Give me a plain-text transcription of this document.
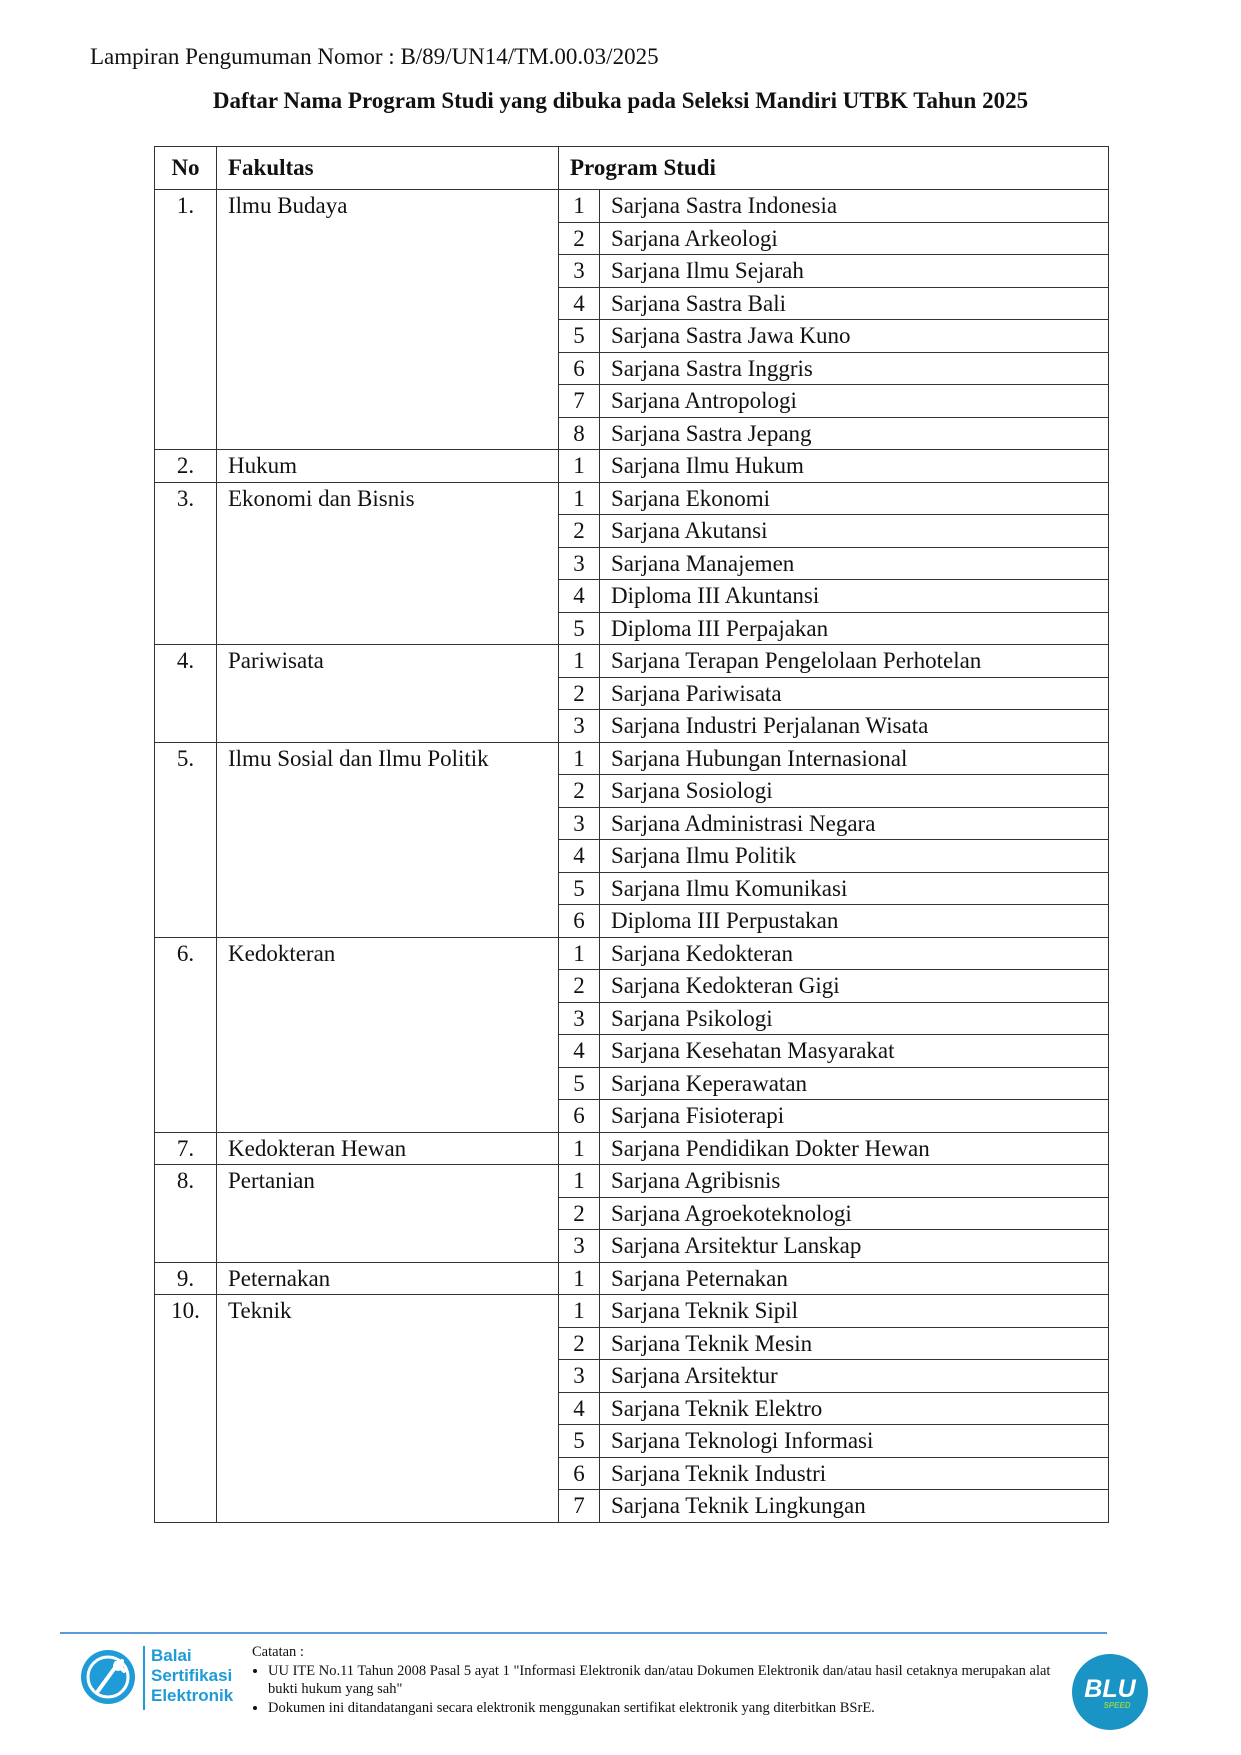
Lampiran Pengumuman Nomor : B/89/UN14/TM.00.03/2025
Daftar Nama Program Studi yang dibuka pada Seleksi Mandiri UTBK Tahun 2025
No	Fakultas	Program Studi	
1.	Ilmu Budaya	1	Sarjana Sastra Indonesia
		2	Sarjana Arkeologi
		3	Sarjana Ilmu Sejarah
		4	Sarjana Sastra Bali
		5	Sarjana Sastra Jawa Kuno
		6	Sarjana Sastra Inggris
		7	Sarjana Antropologi
		8	Sarjana Sastra Jepang
2.	Hukum	1	Sarjana Ilmu Hukum
3.	Ekonomi dan Bisnis	1	Sarjana Ekonomi
		2	Sarjana Akutansi
		3	Sarjana Manajemen
		4	Diploma III Akuntansi
		5	Diploma III Perpajakan
4.	Pariwisata	1	Sarjana Terapan Pengelolaan Perhotelan
		2	Sarjana Pariwisata
		3	Sarjana Industri Perjalanan Wisata
5.	Ilmu Sosial dan Ilmu Politik	1	Sarjana Hubungan Internasional
		2	Sarjana Sosiologi
		3	Sarjana Administrasi Negara
		4	Sarjana Ilmu Politik
		5	Sarjana Ilmu Komunikasi
		6	Diploma III Perpustakan
6.	Kedokteran	1	Sarjana Kedokteran
		2	Sarjana Kedokteran Gigi
		3	Sarjana Psikologi
		4	Sarjana Kesehatan Masyarakat
		5	Sarjana Keperawatan
		6	Sarjana Fisioterapi
7.	Kedokteran Hewan	1	Sarjana Pendidikan Dokter Hewan
8.	Pertanian	1	Sarjana Agribisnis
		2	Sarjana Agroekoteknologi
		3	Sarjana Arsitektur Lanskap
9.	Peternakan	1	Sarjana Peternakan
10.	Teknik	1	Sarjana Teknik Sipil
		2	Sarjana Teknik Mesin
		3	Sarjana Arsitektur
		4	Sarjana Teknik Elektro
		5	Sarjana Teknologi Informasi
		6	Sarjana Teknik Industri
		7	Sarjana Teknik Lingkungan
Balai
Sertifikasi
Elektronik
Catatan :
• UU ITE No.11 Tahun 2008 Pasal 5 ayat 1 "Informasi Elektronik dan/atau Dokumen Elektronik dan/atau hasil cetaknya merupakan alat bukti hukum yang sah"
• Dokumen ini ditandatangani secara elektronik menggunakan sertifikat elektronik yang diterbitkan BSrE.
BLU
SPEED
